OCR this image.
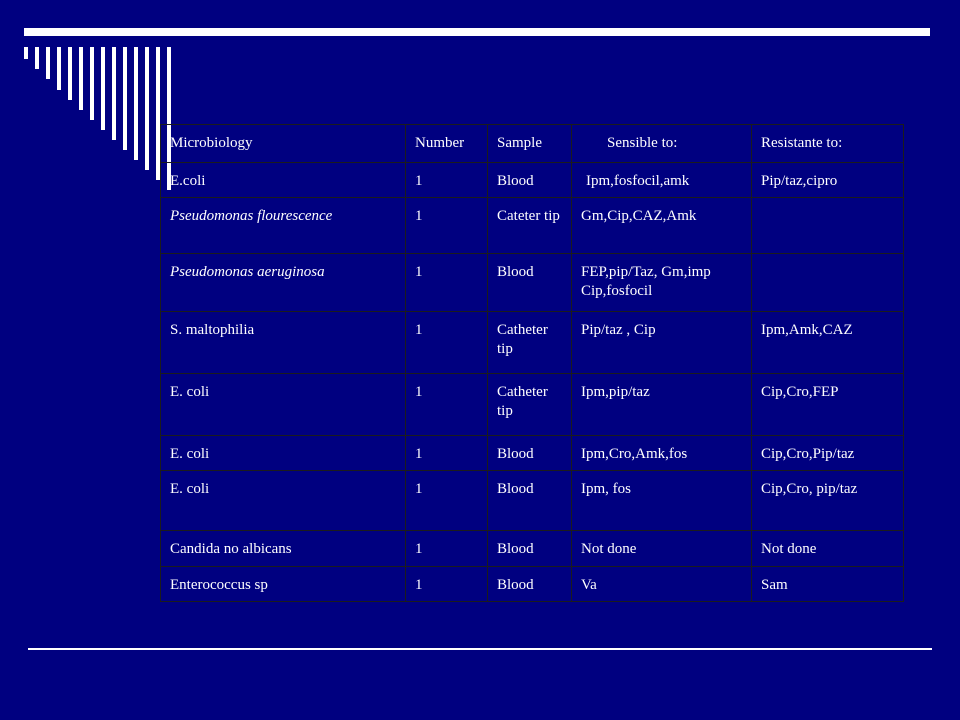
Microbiology	Number	Sample	Sensible to:	Resistante to:
E.coli	1	Blood	Ipm,fosfocil,amk	Pip/taz,cipro
Pseudomonas flourescence	1	Cateter tip	Gm,Cip,CAZ,Amk	
Pseudomonas aeruginosa	1	Blood	FEP,pip/Taz, Gm,imp Cip,fosfocil	
S. maltophilia	1	Catheter tip	Pip/taz , Cip	Ipm,Amk,CAZ
E. coli	1	Catheter tip	Ipm,pip/taz	Cip,Cro,FEP
E. coli	1	Blood	Ipm,Cro,Amk,fos	Cip,Cro,Pip/taz
E. coli	1	Blood	Ipm, fos	Cip,Cro, pip/taz
Candida no albicans	1	Blood	Not done	Not done
Enterococcus sp	1	Blood	Va	Sam
